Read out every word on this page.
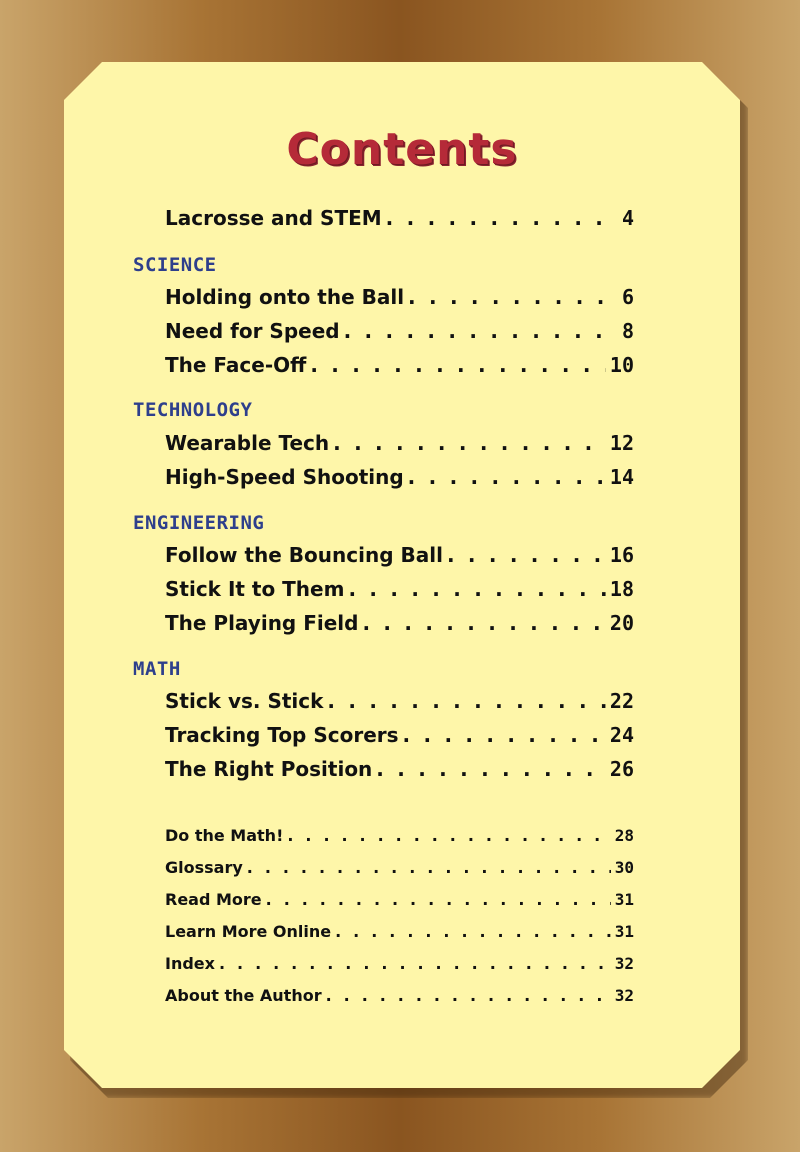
Contents
Lacrosse and STEM . . .	4
SCIENCE
Holding onto the Ball . . .	6
Need for Speed . . .	8
The Face-Off . . .	10
TECHNOLOGY
Wearable Tech . . .	12
High-Speed Shooting . . .	14
ENGINEERING
Follow the Bouncing Ball . . .	16
Stick It to Them . . .	18
The Playing Field . . .	20
MATH
Stick vs. Stick . . .	22
Tracking Top Scorers . . .	24
The Right Position . . .	26
Do the Math! . . .	28
Glossary . . .	30
Read More . . .	31
Learn More Online . . .	31
Index . . .	32
About the Author . . .	32
